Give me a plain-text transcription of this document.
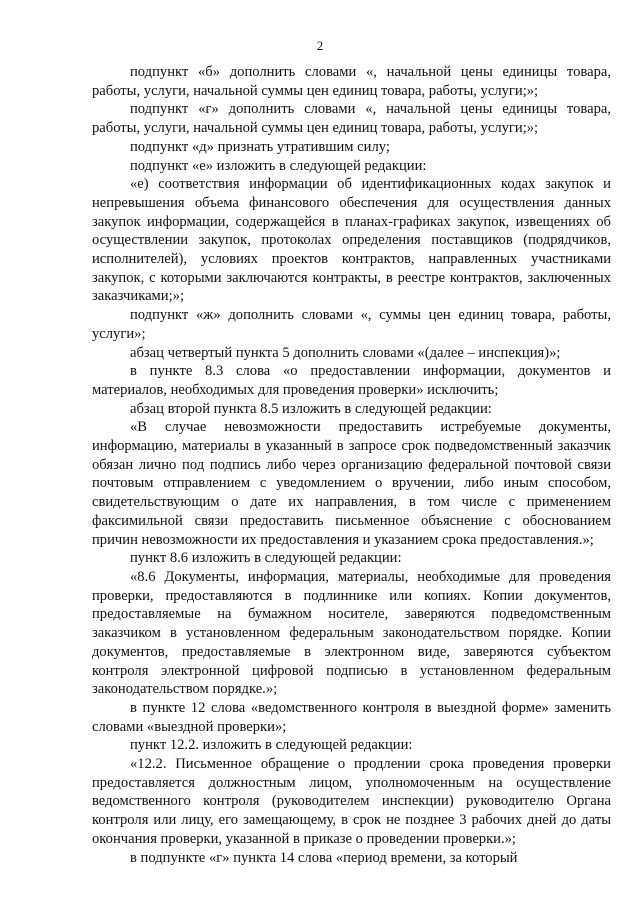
2

подпункт «б» дополнить словами «, начальной цены единицы товара, работы, услуги, начальной суммы цен единиц товара, работы, услуги;»;

подпункт «г» дополнить словами «, начальной цены единицы товара, работы, услуги, начальной суммы цен единиц товара, работы, услуги;»;

подпункт «д» признать утратившим силу;

подпункт «е» изложить в следующей редакции:

«е) соответствия информации об идентификационных кодах закупок и непревышения объема финансового обеспечения для осуществления данных закупок информации, содержащейся в планах-графиках закупок, извещениях об осуществлении закупок, протоколах определения поставщиков (подрядчиков, исполнителей), условиях проектов контрактов, направленных участниками закупок, с которыми заключаются контракты, в реестре контрактов, заключенных заказчиками;»;

подпункт «ж» дополнить словами «, суммы цен единиц товара, работы, услуги»;

абзац четвертый пункта 5 дополнить словами «(далее – инспекция)»;

в пункте 8.3 слова «о предоставлении информации, документов и материалов, необходимых для проведения проверки» исключить;

абзац второй пункта 8.5 изложить в следующей редакции:

«В случае невозможности предоставить истребуемые документы, информацию, материалы в указанный в запросе срок подведомственный заказчик обязан лично под подпись либо через организацию федеральной почтовой связи почтовым отправлением с уведомлением о вручении, либо иным способом, свидетельствующим о дате их направления, в том числе с применением факсимильной связи предоставить письменное объяснение с обоснованием причин невозможности их предоставления и указанием срока предоставления.»;

пункт 8.6 изложить в следующей редакции:

«8.6 Документы, информация, материалы, необходимые для проведения проверки, предоставляются в подлиннике или копиях. Копии документов, предоставляемые на бумажном носителе, заверяются подведомственным заказчиком в установленном федеральным законодательством порядке. Копии документов, предоставляемые в электронном виде, заверяются субъектом контроля электронной цифровой подписью в установленном федеральным законодательством порядке.»;

в пункте 12 слова «ведомственного контроля в выездной форме» заменить словами «выездной проверки»;

пункт 12.2. изложить в следующей редакции:

«12.2. Письменное обращение о продлении срока проведения проверки предоставляется должностным лицом, уполномоченным на осуществление ведомственного контроля (руководителем инспекции) руководителю Органа контроля или лицу, его замещающему, в срок не позднее 3 рабочих дней до даты окончания проверки, указанной в приказе о проведении проверки.»;

в подпункте «г» пункта 14 слова «период времени, за который
